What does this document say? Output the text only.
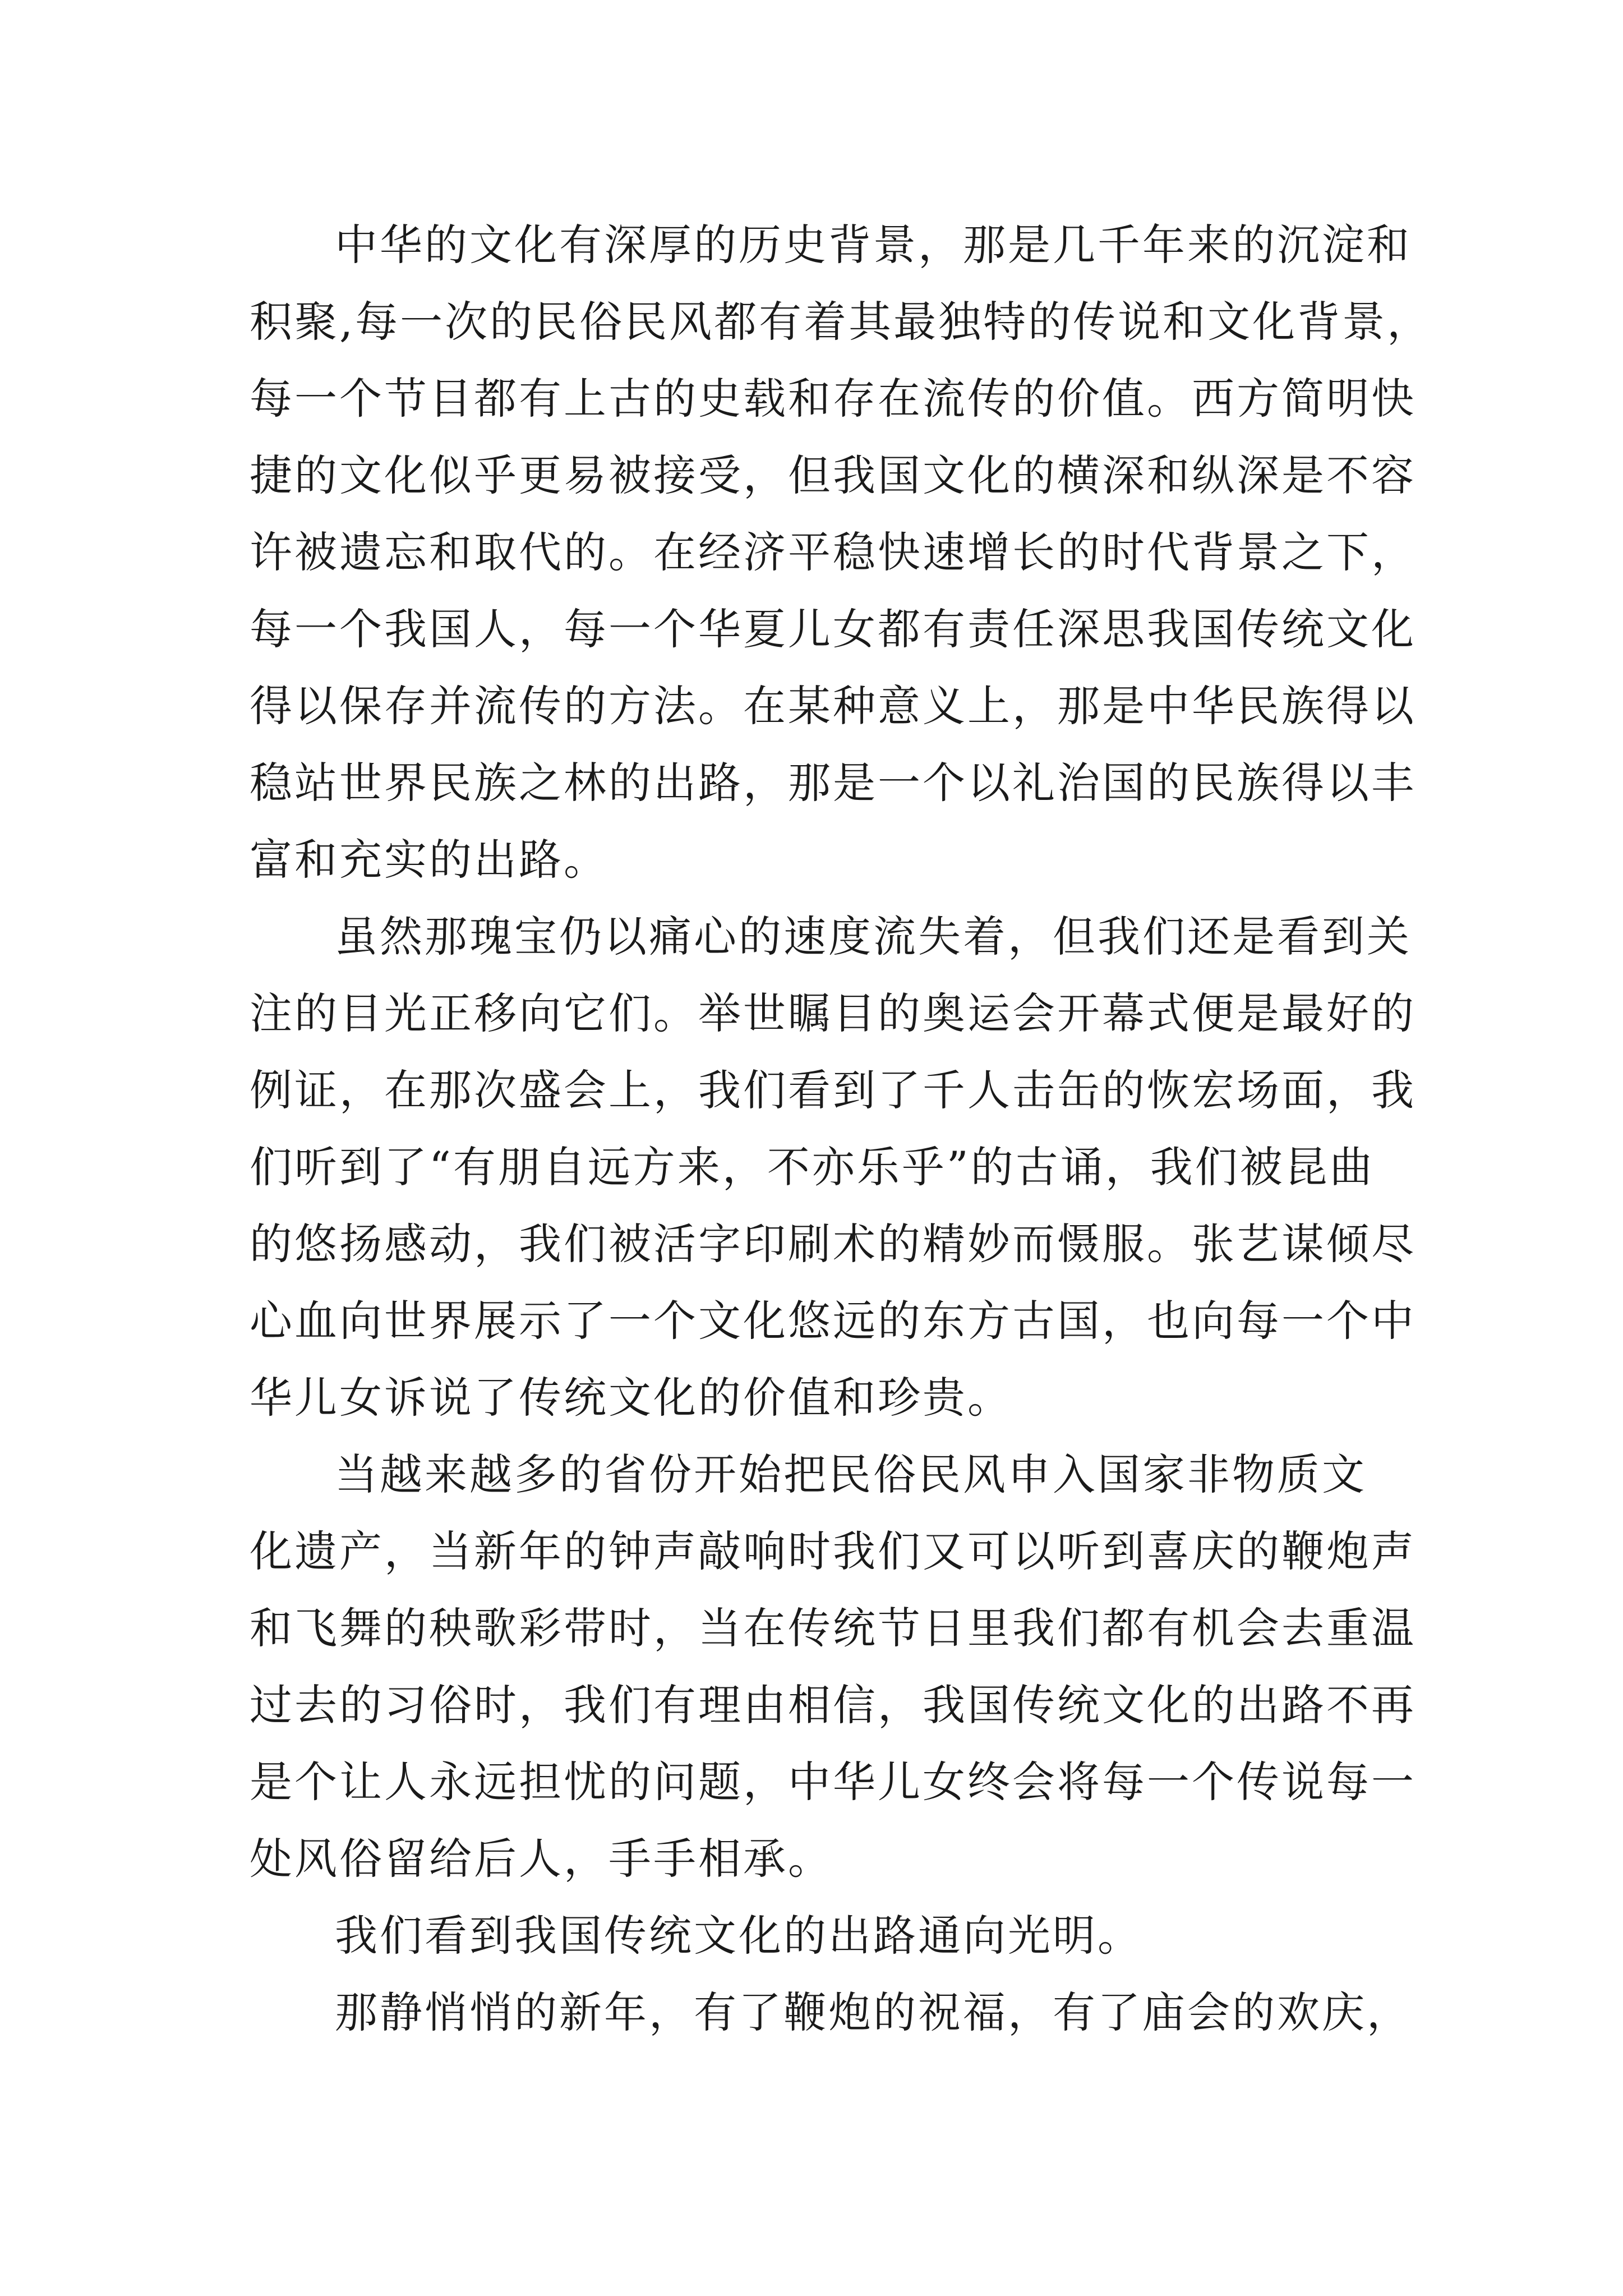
中华的文化有深厚的历史背景，那是几千年来的沉淀和
积聚,每一次的民俗民风都有着其最独特的传说和文化背景，
每一个节目都有上古的史载和存在流传的价值。西方简明快
捷的文化似乎更易被接受，但我国文化的横深和纵深是不容
许被遗忘和取代的。在经济平稳快速增长的时代背景之下，
每一个我国人，每一个华夏儿女都有责任深思我国传统文化
得以保存并流传的方法。在某种意义上，那是中华民族得以
稳站世界民族之林的出路，那是一个以礼治国的民族得以丰
富和充实的出路。
虽然那瑰宝仍以痛心的速度流失着，但我们还是看到关
注的目光正移向它们。举世瞩目的奥运会开幕式便是最好的
例证，在那次盛会上，我们看到了千人击缶的恢宏场面，我
们听到了“有朋自远方来，不亦乐乎”的古诵，我们被昆曲
的悠扬感动，我们被活字印刷术的精妙而慑服。张艺谋倾尽
心血向世界展示了一个文化悠远的东方古国，也向每一个中
华儿女诉说了传统文化的价值和珍贵。
当越来越多的省份开始把民俗民风申入国家非物质文
化遗产，当新年的钟声敲响时我们又可以听到喜庆的鞭炮声
和飞舞的秧歌彩带时，当在传统节日里我们都有机会去重温
过去的习俗时，我们有理由相信，我国传统文化的出路不再
是个让人永远担忧的问题，中华儿女终会将每一个传说每一
处风俗留给后人，手手相承。
我们看到我国传统文化的出路通向光明。
那静悄悄的新年，有了鞭炮的祝福，有了庙会的欢庆，
